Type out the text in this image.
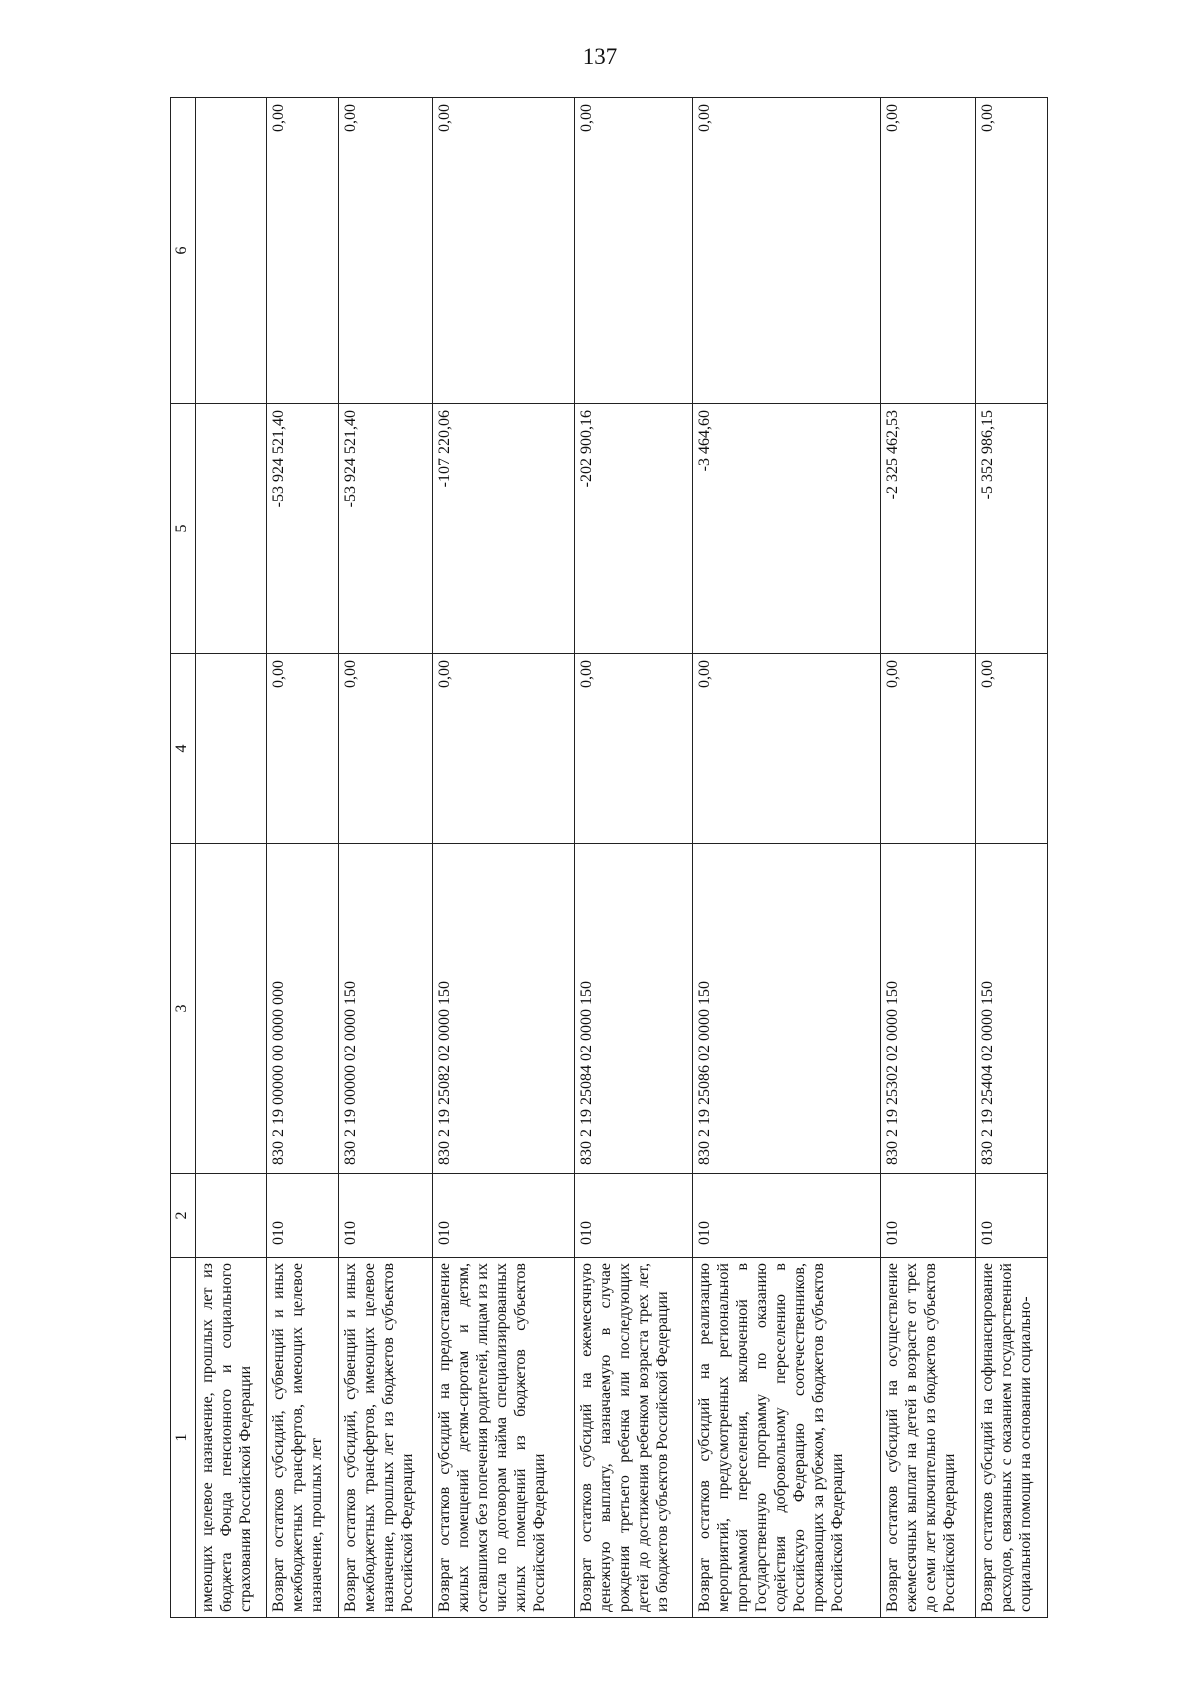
137
1	2	3	4	5	6
имеющих целевое назначение, прошлых лет из бюджета Фонда пенсионного и социального страхования Российской Федерации					
Возврат остатков субсидий, субвенций и иных межбюджетных трансфертов, имеющих целевое назначение, прошлых лет	010	830 2 19 00000 00 0000 000	0,00	-53 924 521,40	0,00
Возврат остатков субсидий, субвенций и иных межбюджетных трансфертов, имеющих целевое назначение, прошлых лет из бюджетов субъектов Российской Федерации	010	830 2 19 00000 02 0000 150	0,00	-53 924 521,40	0,00
Возврат остатков субсидий на предоставление жилых помещений детям-сиротам и детям, оставшимся без попечения родителей, лицам из их числа по договорам найма специализированных жилых помещений из бюджетов субъектов Российской Федерации	010	830 2 19 25082 02 0000 150	0,00	-107 220,06	0,00
Возврат остатков субсидий на ежемесячную денежную выплату, назначаемую в случае рождения третьего ребенка или последующих детей до достижения ребенком возраста трех лет, из бюджетов субъектов Российской Федерации	010	830 2 19 25084 02 0000 150	0,00	-202 900,16	0,00
Возврат остатков субсидий на реализацию мероприятий, предусмотренных региональной программой переселения, включенной в Государственную программу по оказанию содействия добровольному переселению в Российскую Федерацию соотечественников, проживающих за рубежом, из бюджетов субъектов Российской Федерации	010	830 2 19 25086 02 0000 150	0,00	-3 464,60	0,00
Возврат остатков субсидий на осуществление ежемесячных выплат на детей в возрасте от трех до семи лет включительно из бюджетов субъектов Российской Федерации	010	830 2 19 25302 02 0000 150	0,00	-2 325 462,53	0,00
Возврат остатков субсидий на софинансирование расходов, связанных с оказанием государственной социальной помощи на основании социально-	010	830 2 19 25404 02 0000 150	0,00	-5 352 986,15	0,00
